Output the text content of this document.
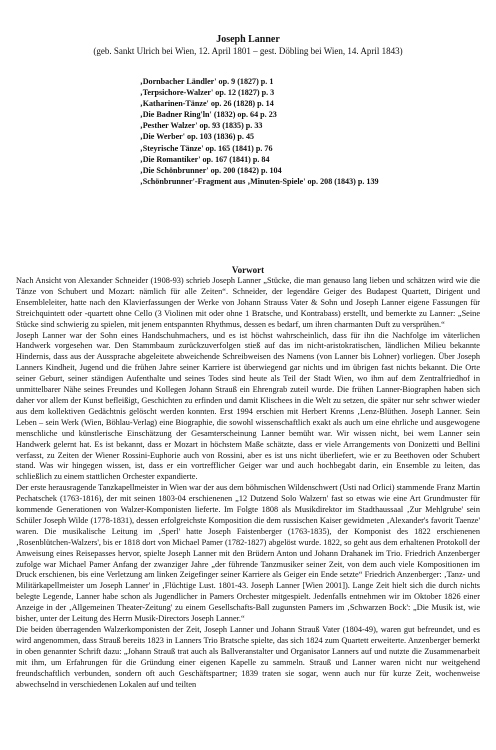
Joseph Lanner
(geb. Sankt Ulrich bei Wien, 12. April 1801 – gest. Döbling bei Wien, 14. April 1843)
‚Dornbacher Ländler' op. 9 (1827) p. 1
‚Terpsichore-Walzer' op. 12 (1827) p. 3
‚Katharinen-Tänze' op. 26 (1828) p. 14
‚Die Badner Ring'ln' (1832) op. 64 p. 23
‚Pesther Walzer' op. 93 (1835) p. 33
‚Die Werber' op. 103 (1836) p. 45
‚Steyrische Tänze' op. 165 (1841) p. 76
‚Die Romantiker' op. 167 (1841) p. 84
‚Die Schönbrunner' op. 200 (1842) p. 104
‚Schönbrunner'-Fragment aus ‚Minuten-Spiele' op. 208 (1843) p. 139
Vorwort

Nach Ansicht von Alexander Schneider (1908-93) schrieb Joseph Lanner „Stücke, die man genauso lang lieben und schätzen wird wie die Tänze von Schubert und Mozart: nämlich für alle Zeiten“. Schneider, der legendäre Geiger des Budapest Quartett, Dirigent und Ensembleleiter, hatte nach den Klavierfassungen der Werke von Johann Strauss Vater & Sohn und Joseph Lanner eigene Fassungen für Streichquintett oder -quartett ohne Cello (3 Violinen mit oder ohne 1 Bratsche, und Kontrabass) erstellt, und bemerkte zu Lanner: „Seine Stücke sind schwierig zu spielen, mit jenem entspannten Rhythmus, dessen es bedarf, um ihren charmanten Duft zu versprühen.“

Joseph Lanner war der Sohn eines Handschuhmachers, und es ist höchst wahrscheinlich, dass für ihn die Nachfolge im väterlichen Handwerk vorgesehen war. Den Stammbaum zurückzuverfolgen stieß auf das im nicht-aristokratischen, ländlichen Milieu bekannte Hindernis, dass aus der Aussprache abgeleitete abweichende Schreibweisen des Namens (von Lanner bis Lohner) vorliegen. Über Joseph Lanners Kindheit, Jugend und die frühen Jahre seiner Karriere ist überwiegend gar nichts und im übrigen fast nichts bekannt. Die Orte seiner Geburt, seiner ständigen Aufenthalte und seines Todes sind heute als Teil der Stadt Wien, wo ihm auf dem Zentralfriedhof in unmittelbarer Nähe seines Freundes und Kollegen Johann Strauß ein Ehrengrab zuteil wurde. Die frühen Lanner-Biographen haben sich daher vor allem der Kunst befleißigt, Geschichten zu erfinden und damit Klischees in die Welt zu setzen, die später nur sehr schwer wieder aus dem kollektiven Gedächtnis gelöscht werden konnten. Erst 1994 erschien mit Herbert Krenns ‚Lenz-Blüthen. Joseph Lanner. Sein Leben – sein Werk (Wien, Böhlau-Verlag) eine Biographie, die sowohl wissenschaftlich exakt als auch um eine ehrliche und ausgewogene menschliche und künstlerische Einschätzung der Gesamterscheinung Lanner bemüht war. Wir wissen nicht, bei wem Lanner sein Handwerk gelernt hat. Es ist bekannt, dass er Mozart in höchstem Maße schätzte, dass er viele Arrangements von Donizetti und Bellini verfasst, zu Zeiten der Wiener Rossini-Euphorie auch von Rossini, aber es ist uns nicht überliefert, wie er zu Beethoven oder Schubert stand. Was wir hingegen wissen, ist, dass er ein vortrefflicher Geiger war und auch hochbegabt darin, ein Ensemble zu leiten, das schließlich zu einem stattlichen Orchester expandierte.

Der erste herausragende Tanzkapellmeister in Wien war der aus dem böhmischen Wildenschwert (Usti nad Orlici) stammende Franz Martin Pechatschek (1763-1816), der mit seinen 1803-04 erschienenen „12 Dutzend Solo Walzern' fast so etwas wie eine Art Grundmuster für kommende Generationen von Walzer-Komponisten lieferte. Im Folgte 1808 als Musikdirektor im Stadthaussaal ‚Zur Mehlgrube' sein Schüler Joseph Wilde (1778-1831), dessen erfolgreichste Komposition die dem russischen Kaiser gewidmeten ‚Alexander's favorit Taenze' waren. Die musikalische Leitung im ‚Sperl' hatte Joseph Faistenberger (1763-1835), der Komponist des 1822 erschienenen ‚Rosenblütchen-Walzers', bis er 1818 dort von Michael Pamer (1782-1827) abgelöst wurde. 1822, so geht aus dem erhaltenen Protokoll der Anweisung eines Reisepasses hervor, spielte Joseph Lanner mit den Brüdern Anton und Johann Drahanek im Trio. Friedrich Anzenberger zufolge war Michael Pamer Anfang der zwanziger Jahre „der führende Tanzmusiker seiner Zeit, von dem auch viele Kompositionen im Druck erschienen, bis eine Verletzung am linken Zeigefinger seiner Karriere als Geiger ein Ende setzte“ Friedrich Anzenberger: ‚Tanz- und Militärkapellmeister um Joseph Lanner' in ‚Flüchtige Lust. 1801-43. Joseph Lanner [Wien 2001]). Lange Zeit hielt sich die durch nichts belegte Legende, Lanner habe schon als Jugendlicher in Pamers Orchester mitgespielt. Jedenfalls entnehmen wir im Oktober 1826 einer Anzeige in der ‚Allgemeinen Theater-Zeitung' zu einem Gesellschafts-Ball zugunsten Pamers im ‚Schwarzen Bock': „Die Musik ist, wie bisher, unter der Leitung des Herrn Musik-Directors Joseph Lanner.“

Die beiden überragenden Walzerkomponisten der Zeit, Joseph Lanner und Johann Strauß Vater (1804-49), waren gut befreundet, und es wird angenommen, dass Strauß bereits 1823 in Lanners Trio Bratsche spielte, das sich 1824 zum Quartett erweiterte. Anzenberger bemerkt in oben genannter Schrift dazu: „Johann Strauß trat auch als Ballveranstalter und Organisator Lanners auf und nutzte die Zusammenarbeit mit ihm, um Erfahrungen für die Gründung einer eigenen Kapelle zu sammeln. Strauß und Lanner waren nicht nur weitgehend freundschaftlich verbunden, sondern oft auch Geschäftspartner; 1839 traten sie sogar, wenn auch nur für kurze Zeit, wochenweise abwechselnd in verschiedenen Lokalen auf und teilten
